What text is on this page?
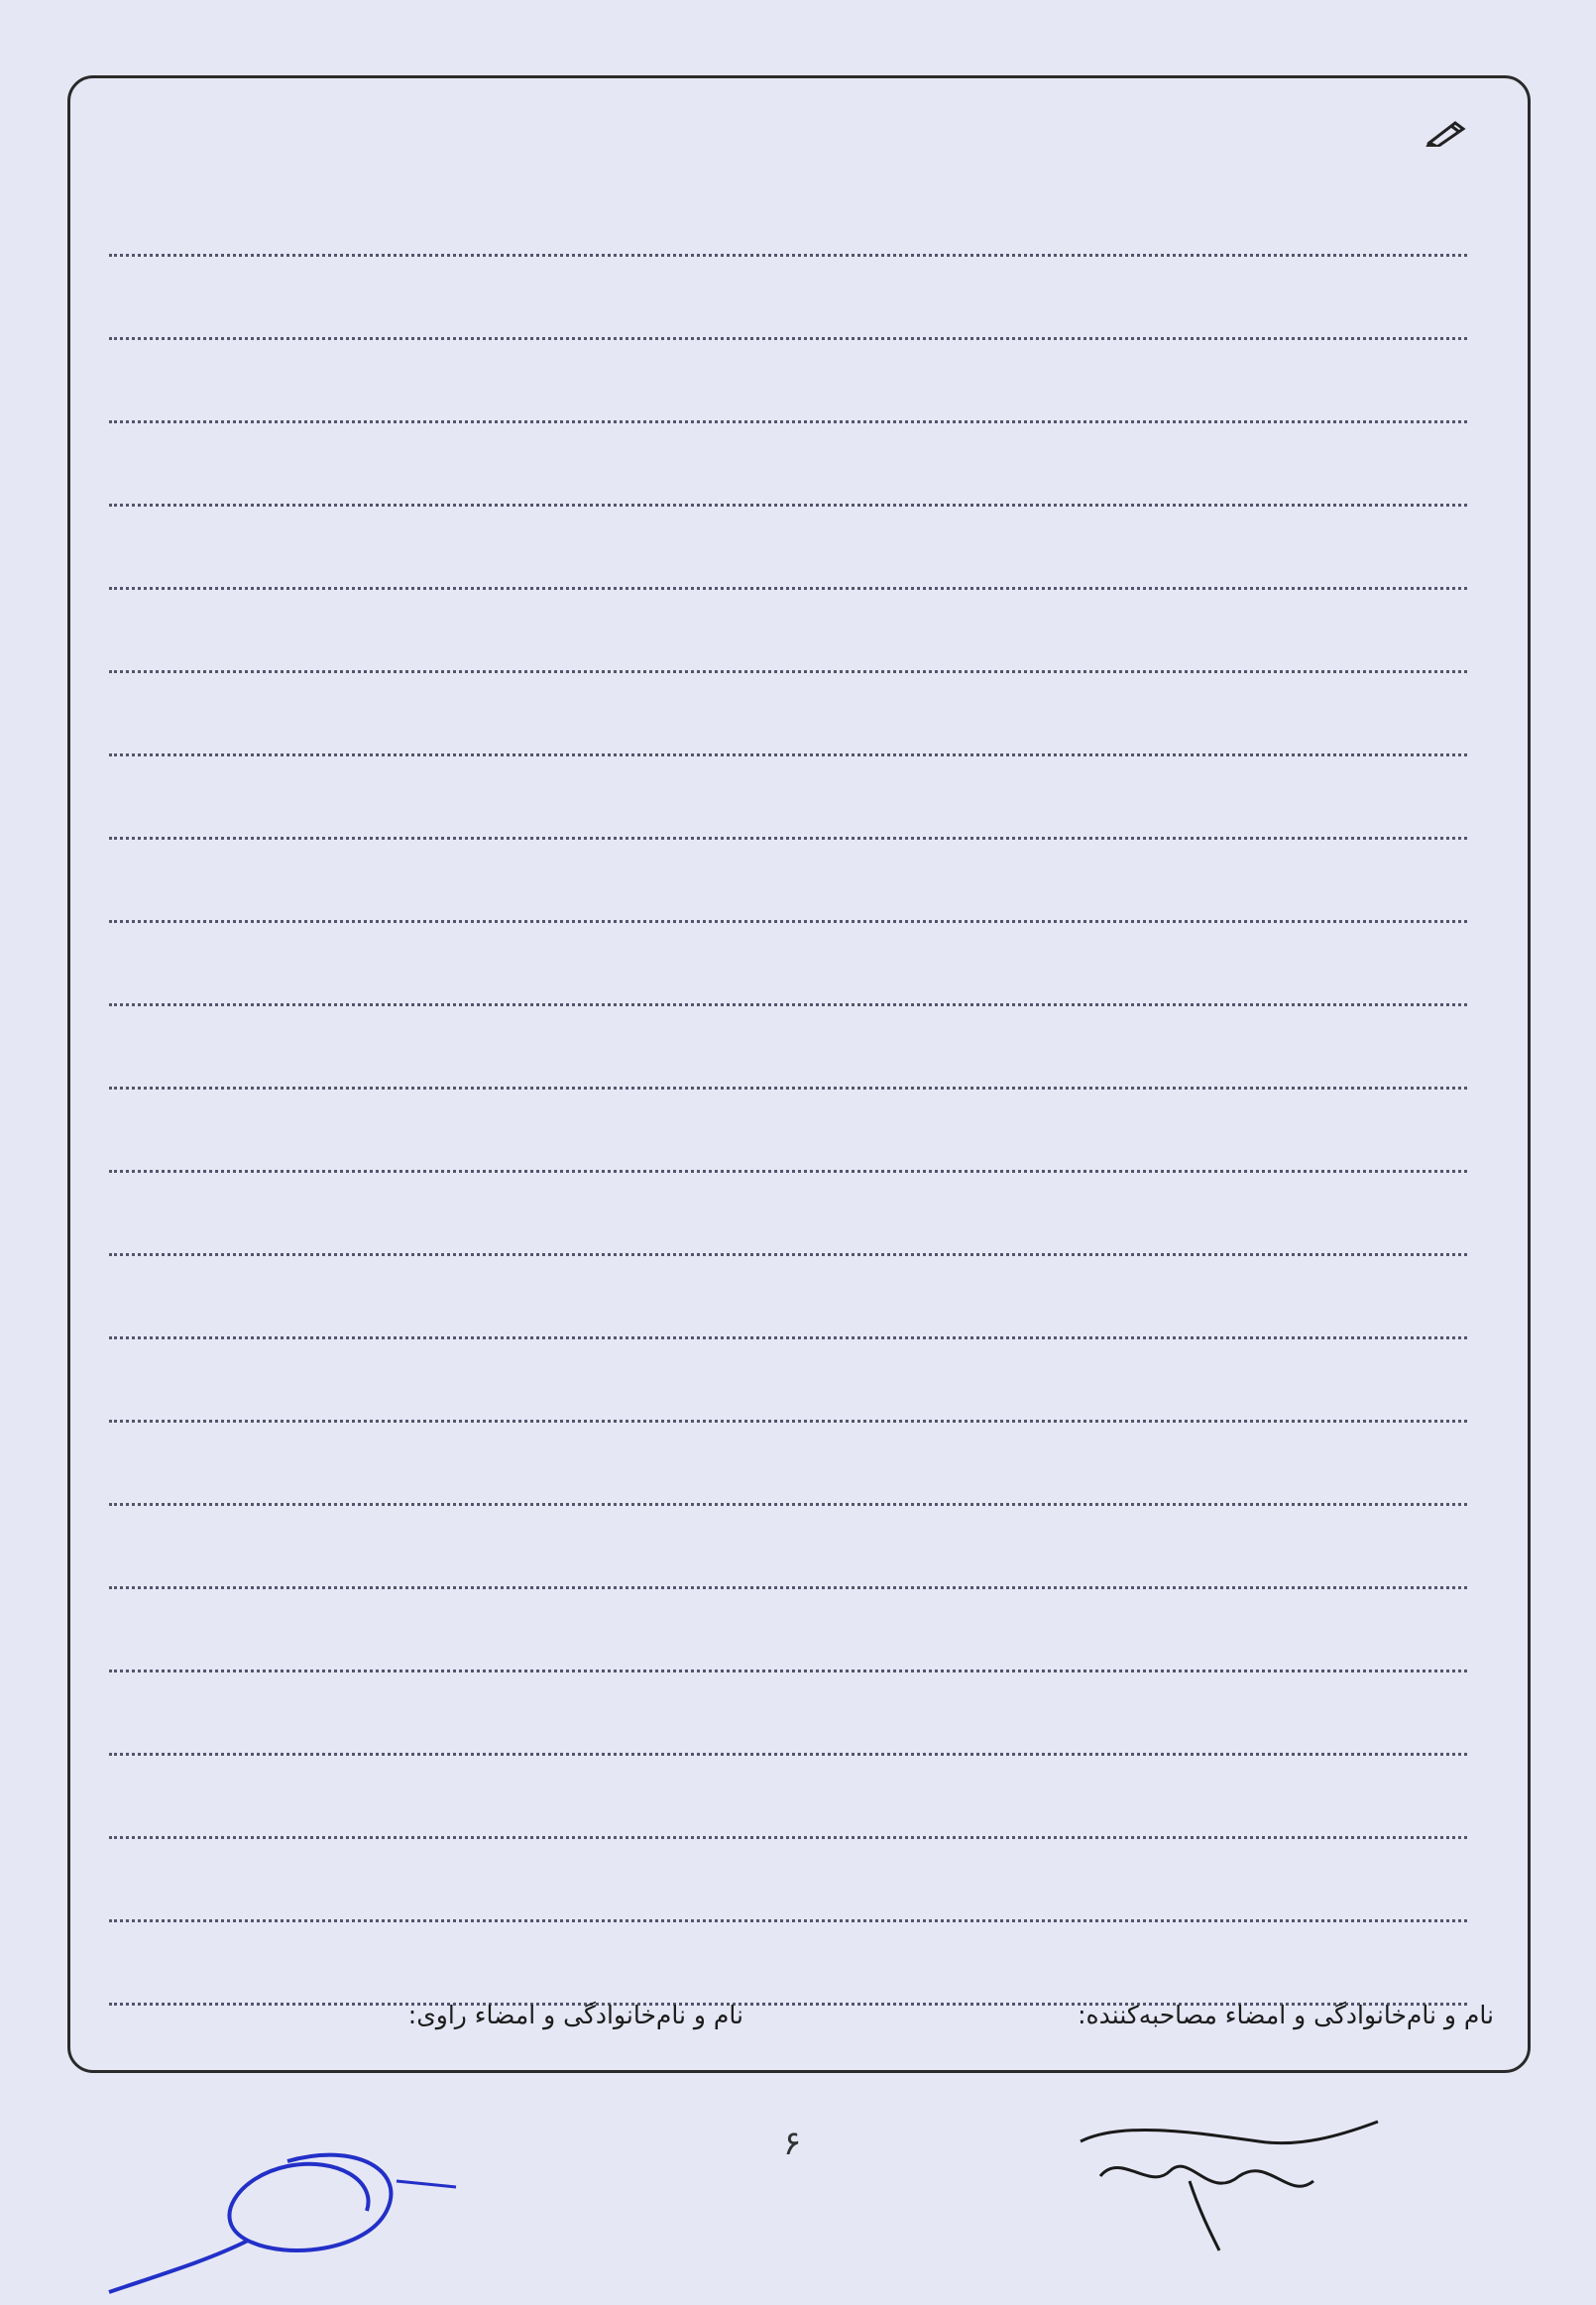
نام و نام‌خانوادگی و امضاء مصاحبه‌کننده:
نام و نام‌خانوادگی و امضاء راوی:
۶
